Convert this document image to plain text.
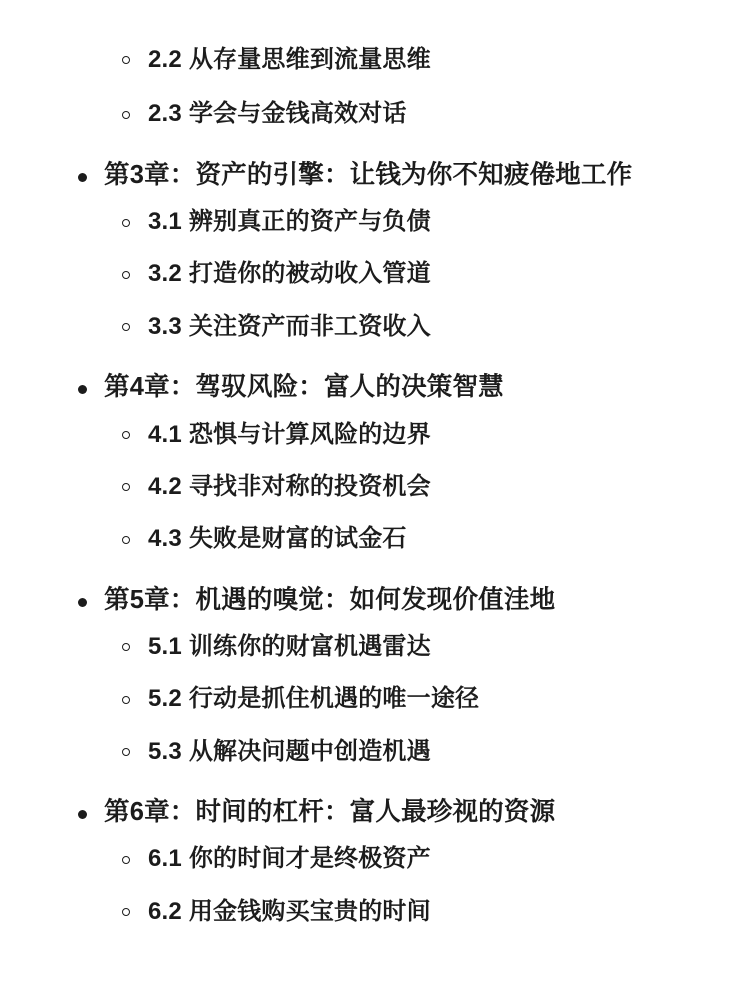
2.2 从存量思维到流量思维
2.3 学会与金钱高效对话
第3章：资产的引擎：让钱为你不知疲倦地工作
3.1 辨别真正的资产与负债
3.2 打造你的被动收入管道
3.3 关注资产而非工资收入
第4章：驾驭风险：富人的决策智慧
4.1 恐惧与计算风险的边界
4.2 寻找非对称的投资机会
4.3 失败是财富的试金石
第5章：机遇的嗅觉：如何发现价值洼地
5.1 训练你的财富机遇雷达
5.2 行动是抓住机遇的唯一途径
5.3 从解决问题中创造机遇
第6章：时间的杠杆：富人最珍视的资源
6.1 你的时间才是终极资产
6.2 用金钱购买宝贵的时间
